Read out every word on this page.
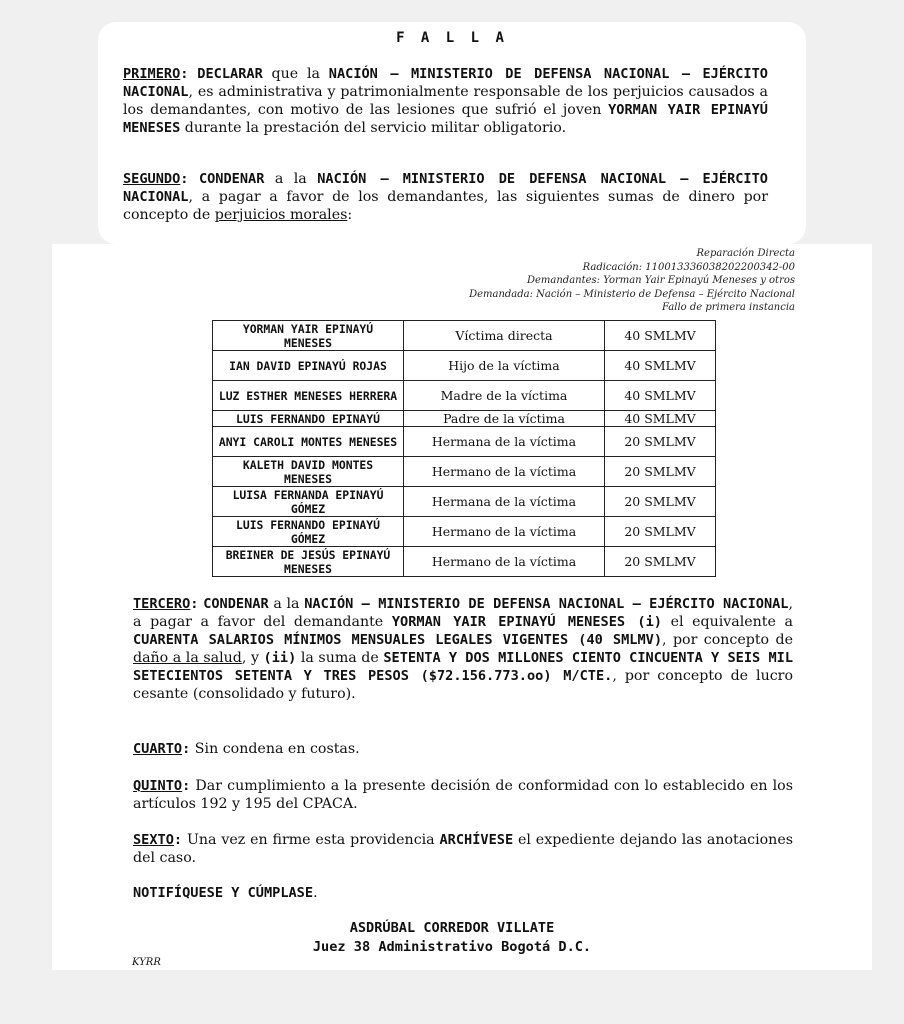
F A L L A
PRIMERO: DECLARAR que la NACIÓN – MINISTERIO DE DEFENSA NACIONAL – EJÉRCITO NACIONAL, es administrativa y patrimonialmente responsable de los perjuicios causados a los demandantes, con motivo de las lesiones que sufrió el joven YORMAN YAIR EPINAYÚ MENESES durante la prestación del servicio militar obligatorio.
SEGUNDO: CONDENAR a la NACIÓN – MINISTERIO DE DEFENSA NACIONAL – EJÉRCITO NACIONAL, a pagar a favor de los demandantes, las siguientes sumas de dinero por concepto de perjuicios morales:
Reparación Directa
Radicación: 11001333603820220034​2-00
Demandantes: Yorman Yair Epinayú Meneses y otros
Demandada: Nación – Ministerio de Defensa – Ejército Nacional
Fallo de primera instancia
YORMAN YAIR EPINAYÚ MENESES	Víctima directa	40 SMLMV
IAN DAVID EPINAYÚ ROJAS	Hijo de la víctima	40 SMLMV
LUZ ESTHER MENESES HERRERA	Madre de la víctima	40 SMLMV
LUIS FERNANDO EPINAYÚ	Padre de la víctima	40 SMLMV
ANYI CAROLI MONTES MENESES	Hermana de la víctima	20 SMLMV
KALETH DAVID MONTES MENESES	Hermano de la víctima	20 SMLMV
LUISA FERNANDA EPINAYÚ GÓMEZ	Hermana de la víctima	20 SMLMV
LUIS FERNANDO EPINAYÚ GÓMEZ	Hermano de la víctima	20 SMLMV
BREINER DE JESÚS EPINAYÚ MENESES	Hermano de la víctima	20 SMLMV
TERCERO: CONDENAR a la NACIÓN – MINISTERIO DE DEFENSA NACIONAL – EJÉRCITO NACIONAL, a pagar a favor del demandante YORMAN YAIR EPINAYÚ MENESES (i) el equivalente a CUARENTA SALARIOS MÍNIMOS MENSUALES LEGALES VIGENTES (40 SMLMV), por concepto de daño a la salud, y (ii) la suma de SETENTA Y DOS MILLONES CIENTO CINCUENTA Y SEIS MIL SETECIENTOS SETENTA Y TRES PESOS ($72.156.773.oo) M/CTE., por concepto de lucro cesante (consolidado y futuro).
CUARTO: Sin condena en costas.
QUINTO: Dar cumplimiento a la presente decisión de conformidad con lo establecido en los artículos 192 y 195 del CPACA.
SEXTO: Una vez en firme esta providencia ARCHÍVESE el expediente dejando las anotaciones del caso.
NOTIFÍQUESE Y CÚMPLASE.
ASDRÚBAL CORREDOR VILLATE
Juez 38 Administrativo Bogotá D.C.
KYRR
